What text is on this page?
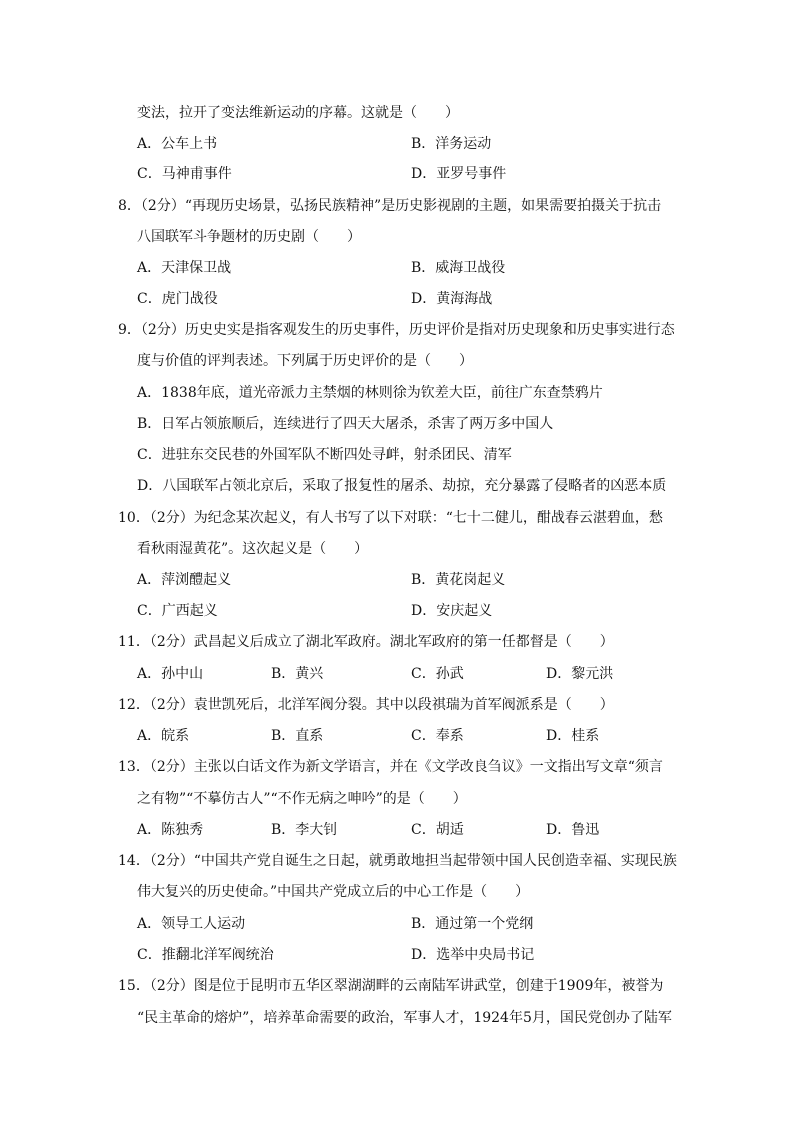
变法，拉开了变法维新运动的序幕。这就是（　　）
A．公车上书	B．洋务运动
C．马神甫事件	D．亚罗号事件
8．（2分）“再现历史场景，弘扬民族精神”是历史影视剧的主题，如果需要拍摄关于抗击
八国联军斗争题材的历史剧（　　）
A．天津保卫战	B．威海卫战役
C．虎门战役	D．黄海海战
9．（2分）历史史实是指客观发生的历史事件，历史评价是指对历史现象和历史事实进行态
度与价值的评判表述。下列属于历史评价的是（　　）
A．1838年底，道光帝派力主禁烟的林则徐为钦差大臣，前往广东查禁鸦片
B．日军占领旅顺后，连续进行了四天大屠杀，杀害了两万多中国人
C．进驻东交民巷的外国军队不断四处寻衅，射杀团民、清军
D．八国联军占领北京后，采取了报复性的屠杀、劫掠，充分暴露了侵略者的凶恶本质
10．（2分）为纪念某次起义，有人书写了以下对联：“七十二健儿，酣战春云湛碧血，愁
看秋雨湿黄花”。这次起义是（　　）
A．萍浏醴起义	B．黄花岗起义
C．广西起义	D．安庆起义
11．（2分）武昌起义后成立了湖北军政府。湖北军政府的第一任都督是（　　）
A．孙中山	B．黄兴	C．孙武	D．黎元洪
12．（2分）袁世凯死后，北洋军阀分裂。其中以段祺瑞为首军阀派系是（　　）
A．皖系	B．直系	C．奉系	D．桂系
13．（2分）主张以白话文作为新文学语言，并在《文学改良刍议》一文指出写文章“须言
之有物”“不摹仿古人”“不作无病之呻吟”的是（　　）
A．陈独秀	B．李大钊	C．胡适	D．鲁迅
14．（2分）“中国共产党自诞生之日起，就勇敢地担当起带领中国人民创造幸福、实现民族
伟大复兴的历史使命。”中国共产党成立后的中心工作是（　　）
A．领导工人运动	B．通过第一个党纲
C．推翻北洋军阀统治	D．选举中央局书记
15．（2分）图是位于昆明市五华区翠湖湖畔的云南陆军讲武堂，创建于1909年，被誉为
“民主革命的熔炉”，培养革命需要的政治，军事人才，1924年5月，国民党创办了陆军
